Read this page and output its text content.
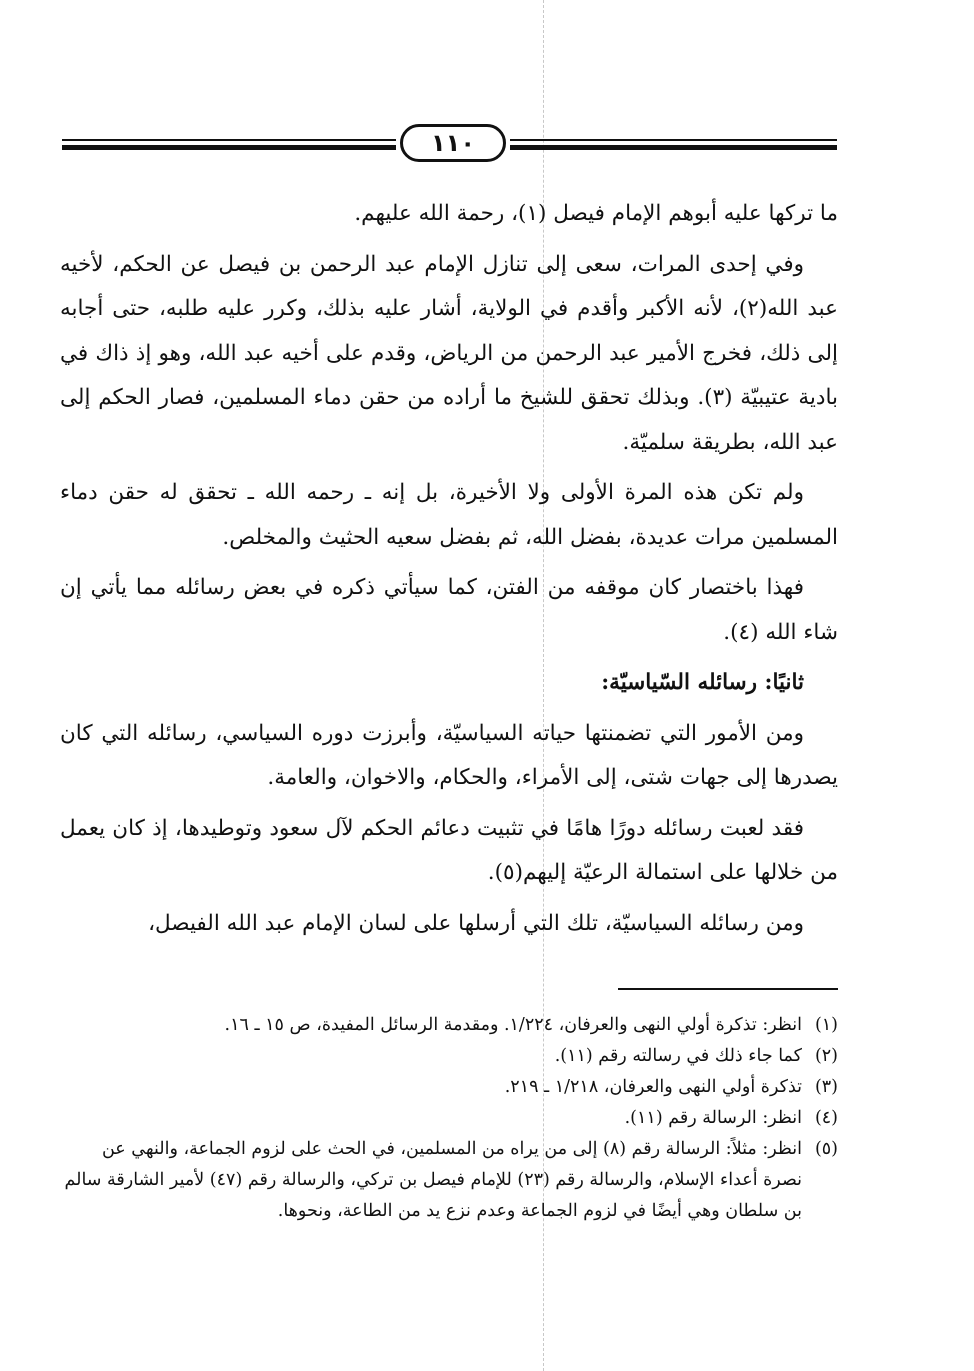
١١٠

ما تركها عليه أبوهم الإمام فيصل (١)، رحمة الله عليهم.

وفي إحدى المرات، سعى إلى تنازل الإمام عبد الرحمن بن فيصل عن الحكم، لأخيه عبد الله(٢)، لأنه الأكبر وأقدم في الولاية، أشار عليه بذلك، وكرر عليه طلبه، حتى أجابه إلى ذلك، فخرج الأمير عبد الرحمن من الرياض، وقدم على أخيه عبد الله، وهو إذ ذاك في بادية عتيبيّة (٣). وبذلك تحقق للشيخ ما أراده من حقن دماء المسلمين، فصار الحكم إلى عبد الله، بطريقة سلميّة.

ولم تكن هذه المرة الأولى ولا الأخيرة، بل إنه ـ رحمه الله ـ تحقق له حقن دماء المسلمين مرات عديدة، بفضل الله، ثم بفضل سعيه الحثيث والمخلص.

فهذا باختصار كان موقفه من الفتن، كما سيأتي ذكره في بعض رسائله مما يأتي إن شاء الله (٤).

ثانيًا: رسائله السّياسيّة:

ومن الأمور التي تضمنتها حياته السياسيّة، وأبرزت دوره السياسي، رسائله التي كان يصدرها إلى جهات شتى، إلى الأمراء، والحكام، والاخوان، والعامة.

فقد لعبت رسائله دورًا هامًا في تثبيت دعائم الحكم لآل سعود وتوطيدها، إذ كان يعمل من خلالها على استمالة الرعيّة إليهم(٥).

ومن رسائله السياسيّة، تلك التي أرسلها على لسان الإمام عبد الله الفيصل،

(١)
انظر: تذكرة أولي النهى والعرفان، ١/٢٢٤. ومقدمة الرسائل المفيدة، ص ١٥ ـ ١٦.

(٢)
كما جاء ذلك في رسالته رقم (١١).

(٣)
تذكرة أولي النهى والعرفان، ١/٢١٨ ـ ٢١٩.

(٤)
انظر: الرسالة رقم (١١).

(٥)
انظر: مثلاً: الرسالة رقم (٨) إلى من يراه من المسلمين، في الحث على لزوم الجماعة، والنهي عن نصرة أعداء الإسلام، والرسالة رقم (٢٣) للإمام فيصل بن تركي، والرسالة رقم (٤٧) لأمير الشارقة سالم بن سلطان وهي أيضًا في لزوم الجماعة وعدم نزع يد من الطاعة، ونحوها.
